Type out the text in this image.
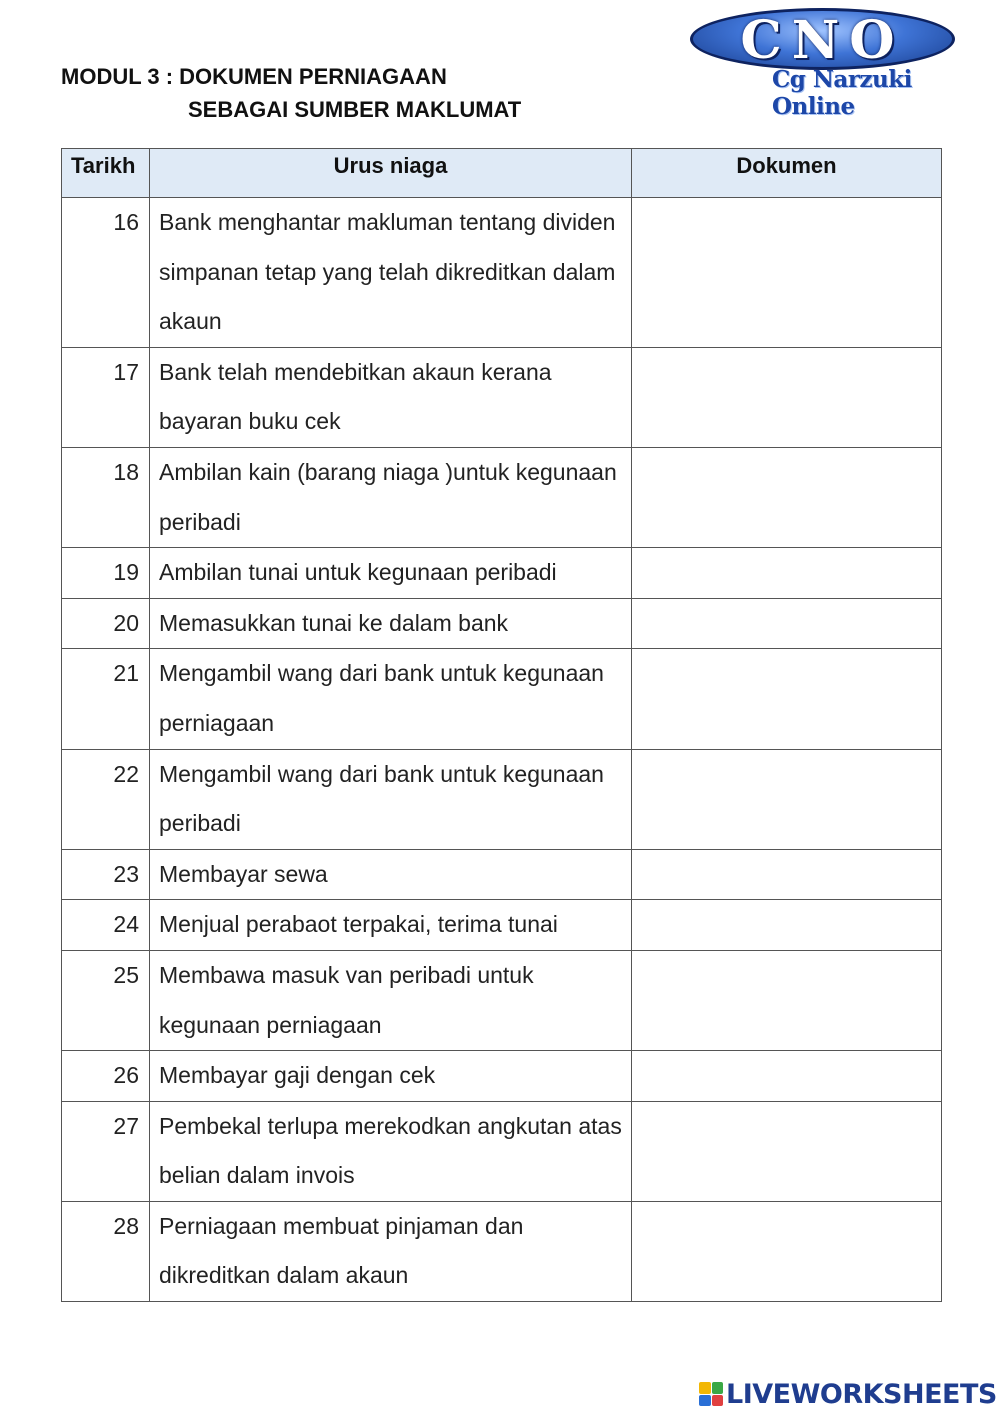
MODUL 3 : DOKUMEN PERNIAGAAN
SEBAGAI SUMBER MAKLUMAT
CNO
Cg Narzuki Online
Tarikh	Urus niaga	Dokumen
16	Bank menghantar makluman tentang dividen simpanan tetap yang telah dikreditkan dalam akaun	
17	Bank telah mendebitkan akaun kerana bayaran buku cek	
18	Ambilan kain (barang niaga )untuk kegunaan peribadi	
19	Ambilan tunai untuk kegunaan peribadi	
20	Memasukkan tunai ke dalam bank	
21	Mengambil wang dari bank untuk kegunaan perniagaan	
22	Mengambil wang dari bank untuk kegunaan peribadi	
23	Membayar sewa	
24	Menjual perabaot terpakai, terima tunai	
25	Membawa masuk van peribadi untuk kegunaan perniagaan	
26	Membayar gaji dengan cek	
27	Pembekal terlupa merekodkan angkutan atas belian dalam invois	
28	Perniagaan membuat pinjaman dan dikreditkan dalam akaun	
LIVEWORKSHEETS
